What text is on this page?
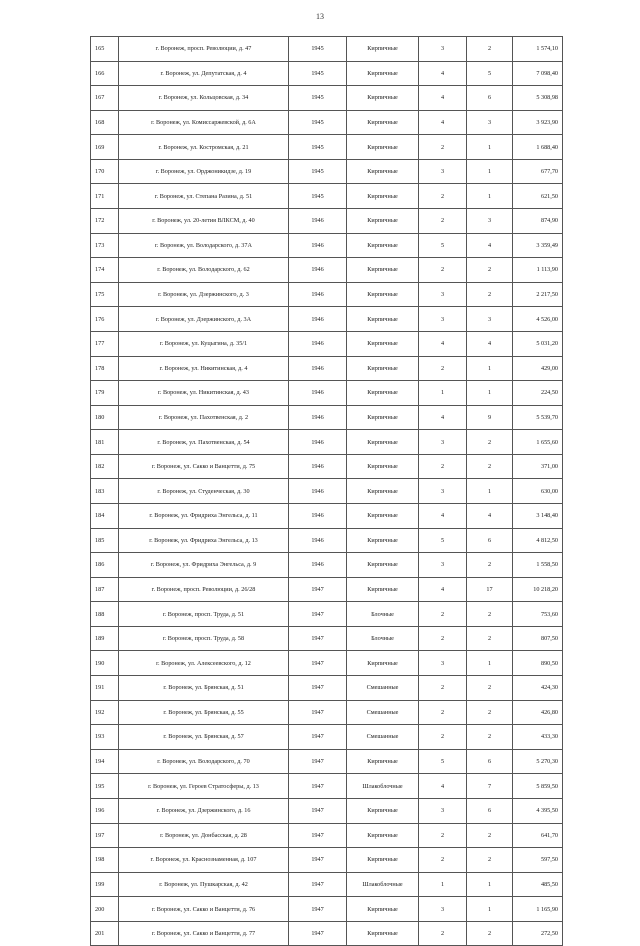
13
165	г. Воронеж, просп. Революции, д. 47	1945	Кирпичные	3	2	1 574,10
166	г. Воронеж, ул. Депутатская, д. 4	1945	Кирпичные	4	5	7 098,40
167	г. Воронеж, ул. Кольцовская, д. 34	1945	Кирпичные	4	6	5 308,98
168	г. Воронеж, ул. Комиссаржевской, д. 6А	1945	Кирпичные	4	3	3 923,90
169	г. Воронеж, ул. Костромская, д. 21	1945	Кирпичные	2	1	1 688,40
170	г. Воронеж, ул. Орджоникидзе, д. 19	1945	Кирпичные	3	1	677,70
171	г. Воронеж, ул. Степана Разина, д. 51	1945	Кирпичные	2	1	621,50
172	г. Воронеж, ул. 20-летия ВЛКСМ, д. 40	1946	Кирпичные	2	3	874,90
173	г. Воронеж, ул. Володарского, д. 37А	1946	Кирпичные	5	4	3 359,49
174	г. Воронеж, ул. Володарского, д. 62	1946	Кирпичные	2	2	1 113,90
175	г. Воронеж, ул. Дзержинского, д. 3	1946	Кирпичные	3	2	2 217,50
176	г. Воронеж, ул. Дзержинского, д. 3А	1946	Кирпичные	3	3	4 526,00
177	г. Воронеж, ул. Куцыгина, д. 35/1	1946	Кирпичные	4	4	5 031,20
178	г. Воронеж, ул. Никитинская, д. 4	1946	Кирпичные	2	1	429,00
179	г. Воронеж, ул. Никитинская, д. 43	1946	Кирпичные	1	1	224,50
180	г. Воронеж, ул. Пахотвенская, д. 2	1946	Кирпичные	4	9	5 539,70
181	г. Воронеж, ул. Пахотвенская, д. 54	1946	Кирпичные	3	2	1 655,60
182	г. Воронеж, ул. Сакко и Ванцетти, д. 75	1946	Кирпичные	2	2	371,00
183	г. Воронеж, ул. Студенческая, д. 30	1946	Кирпичные	3	1	630,00
184	г. Воронеж, ул. Фридриха Энгельса, д. 11	1946	Кирпичные	4	4	3 148,40
185	г. Воронеж, ул. Фридриха Энгельса, д. 13	1946	Кирпичные	5	6	4 812,50
186	г. Воронеж, ул. Фридриха Энгельса, д. 9	1946	Кирпичные	3	2	1 558,50
187	г. Воронеж, просп. Революции, д. 26/28	1947	Кирпичные	4	17	10 218,20
188	г. Воронеж, просп. Труда, д. 51	1947	Блочные	2	2	753,60
189	г. Воронеж, просп. Труда, д. 58	1947	Блочные	2	2	807,50
190	г. Воронеж, ул. Алексеевского, д. 12	1947	Кирпичные	3	1	890,50
191	г. Воронеж, ул. Брянская, д. 51	1947	Смешанные	2	2	424,30
192	г. Воронеж, ул. Брянская, д. 55	1947	Смешанные	2	2	426,80
193	г. Воронеж, ул. Брянская, д. 57	1947	Смешанные	2	2	433,30
194	г. Воронеж, ул. Володарского, д. 70	1947	Кирпичные	5	6	5 270,30
195	г. Воронеж, ул. Героев Стратосферы, д. 13	1947	Шлакоблочные	4	7	5 859,50
196	г. Воронеж, ул. Дзержинского, д. 16	1947	Кирпичные	3	6	4 395,50
197	г. Воронеж, ул. Донбасская, д. 28	1947	Кирпичные	2	2	641,70
198	г. Воронеж, ул. Краснознаменная, д. 107	1947	Кирпичные	2	2	597,50
199	г. Воронеж, ул. Пушкарская, д. 42	1947	Шлакоблочные	1	1	485,50
200	г. Воронеж, ул. Сакко и Ванцетти, д. 76	1947	Кирпичные	3	1	1 165,90
201	г. Воронеж, ул. Сакко и Ванцетти, д. 77	1947	Кирпичные	2	2	272,50
